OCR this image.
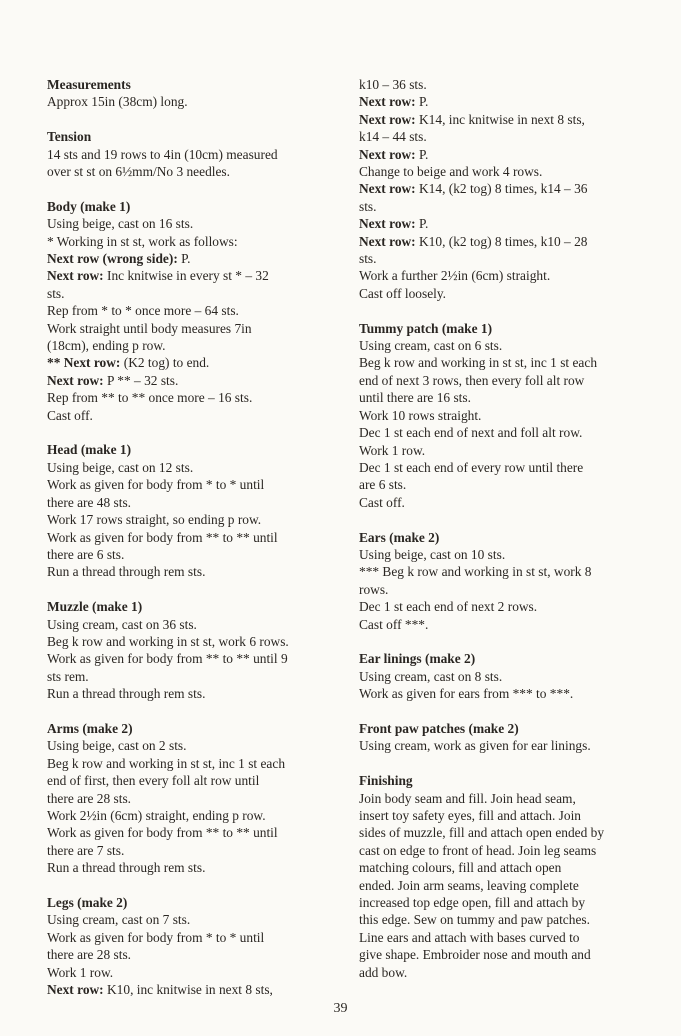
Measurements
Approx 15in (38cm) long.
Tension
14 sts and 19 rows to 4in (10cm) measured
over st st on 6½mm/No 3 needles.
Body (make 1)
Using beige, cast on 16 sts.
* Working in st st, work as follows:
Next row (wrong side): P.
Next row: Inc knitwise in every st * – 32
sts.
Rep from * to * once more – 64 sts.
Work straight until body measures 7in
(18cm), ending p row.
** Next row: (K2 tog) to end.
Next row: P ** – 32 sts.
Rep from ** to ** once more – 16 sts.
Cast off.
Head (make 1)
Using beige, cast on 12 sts.
Work as given for body from * to * until
there are 48 sts.
Work 17 rows straight, so ending p row.
Work as given for body from ** to ** until
there are 6 sts.
Run a thread through rem sts.
Muzzle (make 1)
Using cream, cast on 36 sts.
Beg k row and working in st st, work 6 rows.
Work as given for body from ** to ** until 9
sts rem.
Run a thread through rem sts.
Arms (make 2)
Using beige, cast on 2 sts.
Beg k row and working in st st, inc 1 st each
end of first, then every foll alt row until
there are 28 sts.
Work 2½in (6cm) straight, ending p row.
Work as given for body from ** to ** until
there are 7 sts.
Run a thread through rem sts.
Legs (make 2)
Using cream, cast on 7 sts.
Work as given for body from * to * until
there are 28 sts.
Work 1 row.
Next row: K10, inc knitwise in next 8 sts,
k10 – 36 sts.
Next row: P.
Next row: K14, inc knitwise in next 8 sts,
k14 – 44 sts.
Next row: P.
Change to beige and work 4 rows.
Next row: K14, (k2 tog) 8 times, k14 – 36
sts.
Next row: P.
Next row: K10, (k2 tog) 8 times, k10 – 28
sts.
Work a further 2½in (6cm) straight.
Cast off loosely.
Tummy patch (make 1)
Using cream, cast on 6 sts.
Beg k row and working in st st, inc 1 st each
end of next 3 rows, then every foll alt row
until there are 16 sts.
Work 10 rows straight.
Dec 1 st each end of next and foll alt row.
Work 1 row.
Dec 1 st each end of every row until there
are 6 sts.
Cast off.
Ears (make 2)
Using beige, cast on 10 sts.
*** Beg k row and working in st st, work 8
rows.
Dec 1 st each end of next 2 rows.
Cast off ***.
Ear linings (make 2)
Using cream, cast on 8 sts.
Work as given for ears from *** to ***.
Front paw patches (make 2)
Using cream, work as given for ear linings.
Finishing
Join body seam and fill. Join head seam,
insert toy safety eyes, fill and attach. Join
sides of muzzle, fill and attach open ended by
cast on edge to front of head. Join leg seams
matching colours, fill and attach open
ended. Join arm seams, leaving complete
increased top edge open, fill and attach by
this edge. Sew on tummy and paw patches.
Line ears and attach with bases curved to
give shape. Embroider nose and mouth and
add bow.
39
